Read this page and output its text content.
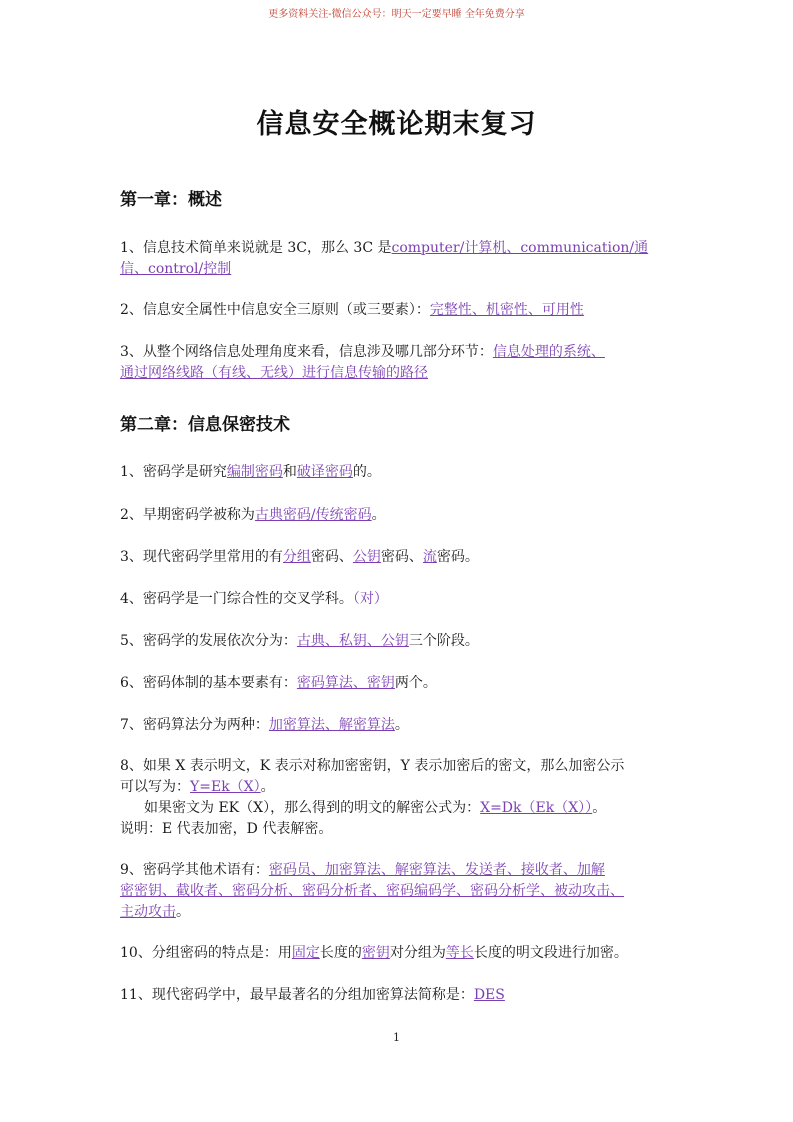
更多资料关注-微信公众号：明天一定要早睡 全年免费分享
信息安全概论期末复习
第一章：概述
1、信息技术简单来说就是 3C，那么 3C 是computer/计算机、communication/通
信、control/控制
2、信息安全属性中信息安全三原则（或三要素）：完整性、机密性、可用性
3、从整个网络信息处理角度来看，信息涉及哪几部分环节：信息处理的系统、
通过网络线路（有线、无线）进行信息传输的路径
第二章：信息保密技术
1、密码学是研究编制密码和破译密码的。
2、早期密码学被称为古典密码/传统密码。
3、现代密码学里常用的有分组密码、公钥密码、流密码。
4、密码学是一门综合性的交叉学科。（对）
5、密码学的发展依次分为：古典、私钥、公钥三个阶段。
6、密码体制的基本要素有：密码算法、密钥两个。
7、密码算法分为两种：加密算法、解密算法。
8、如果 X 表示明文，K 表示对称加密密钥，Y 表示加密后的密文，那么加密公示
可以写为：Y=Ek（X）。
如果密文为 EK（X），那么得到的明文的解密公式为：X=Dk（Ek（X））。
说明：E 代表加密，D 代表解密。
9、密码学其他术语有：密码员、加密算法、解密算法、发送者、接收者、加解
密密钥、截收者、密码分析、密码分析者、密码编码学、密码分析学、被动攻击、
主动攻击。
10、分组密码的特点是：用固定长度的密钥对分组为等长长度的明文段进行加密。
11、现代密码学中，最早最著名的分组加密算法简称是：DES
1
